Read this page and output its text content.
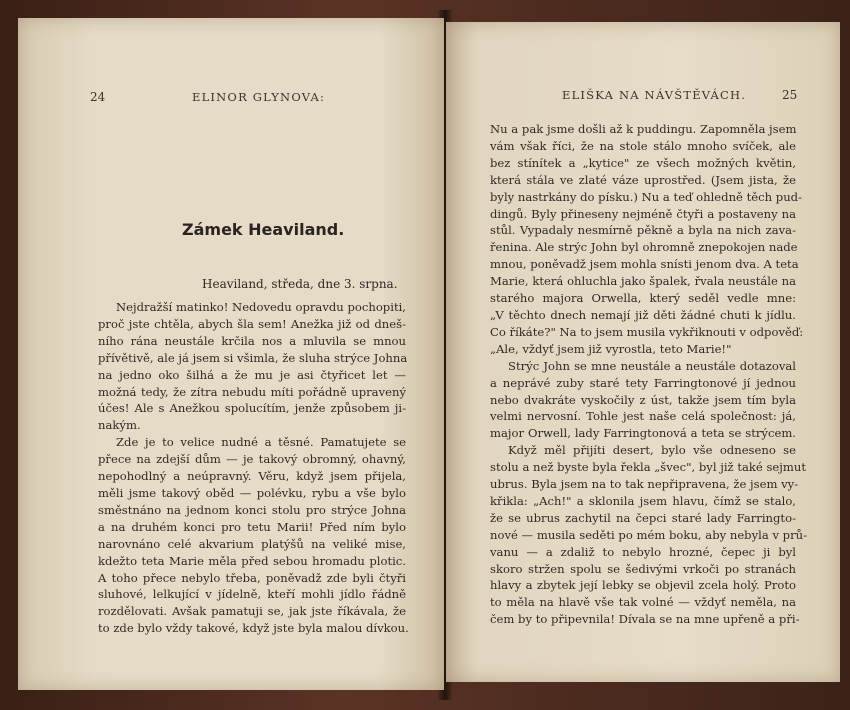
24	ELINOR GLYNOVA:
Zámek Heaviland.
Heaviland, středa, dne 3. srpna.
Nejdražší matinko! Nedovedu opravdu pochopiti,
proč jste chtěla, abych šla sem! Anežka již od dneš-
ního rána neustále krčila nos a mluvila se mnou
přívětivě, ale já jsem si všimla, že sluha strýce Johna
na jedno oko šilhá a že mu je asi čtyřicet let —
možná tedy, že zítra nebudu míti pořádně upravený
účes! Ale s Anežkou spolucítím, jenže způsobem ji-
nakým.
Zde je to velice nudné a těsné. Pamatujete se
přece na zdejší dům — je takový obromný, ohavný,
nepohodlný a neúpravný. Věru, když jsem přijela,
měli jsme takový oběd — polévku, rybu a vše bylo
směstnáno na jednom konci stolu pro strýce Johna
a na druhém konci pro tetu Marii! Před ním bylo
narovnáno celé akvarium platýšů na veliké mise,
kdežto teta Marie měla před sebou hromadu plotic.
A toho přece nebylo třeba, poněvadž zde byli čtyři
sluhové, lelkující v jídelně, kteří mohli jídlo řádně
rozdělovati. Avšak pamatuji se, jak jste říkávala, že
to zde bylo vždy takové, když jste byla malou dívkou.
ELIŠKA NA NÁVŠTĚVÁCH.	25
Nu a pak jsme došli až k puddingu. Zapomněla jsem
vám však říci, že na stole stálo mnoho svíček, ale
bez stínítek a „kytice" ze všech možných květin,
která stála ve zlaté váze uprostřed. (Jsem jista, že
byly nastrkány do písku.) Nu a teď ohledně těch pud-
dingů. Byly přineseny nejméně čtyři a postaveny na
stůl. Vypadaly nesmírně pěkně a byla na nich zava-
řenina. Ale strýc John byl ohromně znepokojen nade
mnou, poněvadž jsem mohla snísti jenom dva. A teta
Marie, která ohluchla jako špalek, řvala neustále na
starého majora Orwella, který seděl vedle mne:
„V těchto dnech nemají již děti žádné chuti k jídlu.
Co říkáte?" Na to jsem musila vykřiknouti v odpověď:
„Ale, vždyť jsem již vyrostla, teto Marie!"
Strýc John se mne neustále a neustále dotazoval
a neprávé zuby staré tety Farringtonové jí jednou
nebo dvakráte vyskočily z úst, takže jsem tím byla
velmi nervosní. Tohle jest naše celá společnost: já,
major Orwell, lady Farringtonová a teta se strýcem.
Když měl přijíti desert, bylo vše odneseno se
stolu a než byste byla řekla „švec", byl již také sejmut
ubrus. Byla jsem na to tak nepřipravena, že jsem vy-
křikla: „Ach!" a sklonila jsem hlavu, čímž se stalo,
že se ubrus zachytil na čepci staré lady Farringto-
nové — musila seděti po mém boku, aby nebyla v prů-
vanu — a zdaliž to nebylo hrozné, čepec ji byl
skoro stržen spolu se šedivými vrkoči po stranách
hlavy a zbytek její lebky se objevil zcela holý. Proto
to měla na hlavě vše tak volné — vždyť neměla, na
čem by to připevnila! Dívala se na mne upřeně a při-
